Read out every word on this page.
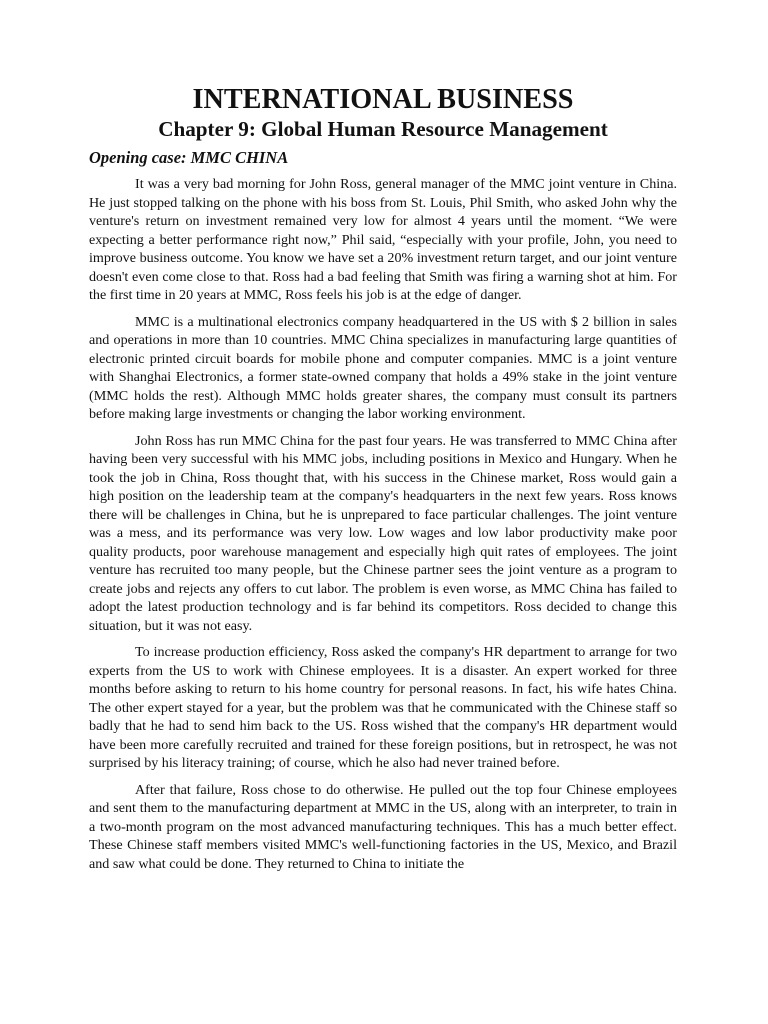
INTERNATIONAL BUSINESS
Chapter 9: Global Human Resource Management
Opening case: MMC CHINA

It was a very bad morning for John Ross, general manager of the MMC joint venture in China. He just stopped talking on the phone with his boss from St. Louis, Phil Smith, who asked John why the venture's return on investment remained very low for almost 4 years until the moment. “We were expecting a better performance right now,” Phil said, “especially with your profile, John, you need to improve business outcome. You know we have set a 20% investment return target, and our joint venture doesn't even come close to that. Ross had a bad feeling that Smith was firing a warning shot at him. For the first time in 20 years at MMC, Ross feels his job is at the edge of danger.

MMC is a multinational electronics company headquartered in the US with $ 2 billion in sales and operations in more than 10 countries. MMC China specializes in manufacturing large quantities of electronic printed circuit boards for mobile phone and computer companies. MMC is a joint venture with Shanghai Electronics, a former state-owned company that holds a 49% stake in the joint venture (MMC holds the rest). Although MMC holds greater shares, the company must consult its partners before making large investments or changing the labor working environment.

John Ross has run MMC China for the past four years. He was transferred to MMC China after having been very successful with his MMC jobs, including positions in Mexico and Hungary. When he took the job in China, Ross thought that, with his success in the Chinese market, Ross would gain a high position on the leadership team at the company's headquarters in the next few years. Ross knows there will be challenges in China, but he is unprepared to face particular challenges. The joint venture was a mess, and its performance was very low. Low wages and low labor productivity make poor quality products, poor warehouse management and especially high quit rates of employees. The joint venture has recruited too many people, but the Chinese partner sees the joint venture as a program to create jobs and rejects any offers to cut labor. The problem is even worse, as MMC China has failed to adopt the latest production technology and is far behind its competitors. Ross decided to change this situation, but it was not easy.

To increase production efficiency, Ross asked the company's HR department to arrange for two experts from the US to work with Chinese employees. It is a disaster. An expert worked for three months before asking to return to his home country for personal reasons. In fact, his wife hates China. The other expert stayed for a year, but the problem was that he communicated with the Chinese staff so badly that he had to send him back to the US. Ross wished that the company's HR department would have been more carefully recruited and trained for these foreign positions, but in retrospect, he was not surprised by his literacy training; of course, which he also had never trained before.

After that failure, Ross chose to do otherwise. He pulled out the top four Chinese employees and sent them to the manufacturing department at MMC in the US, along with an interpreter, to train in a two-month program on the most advanced manufacturing techniques. This has a much better effect. These Chinese staff members visited MMC's well-functioning factories in the US, Mexico, and Brazil and saw what could be done. They returned to China to initiate the
